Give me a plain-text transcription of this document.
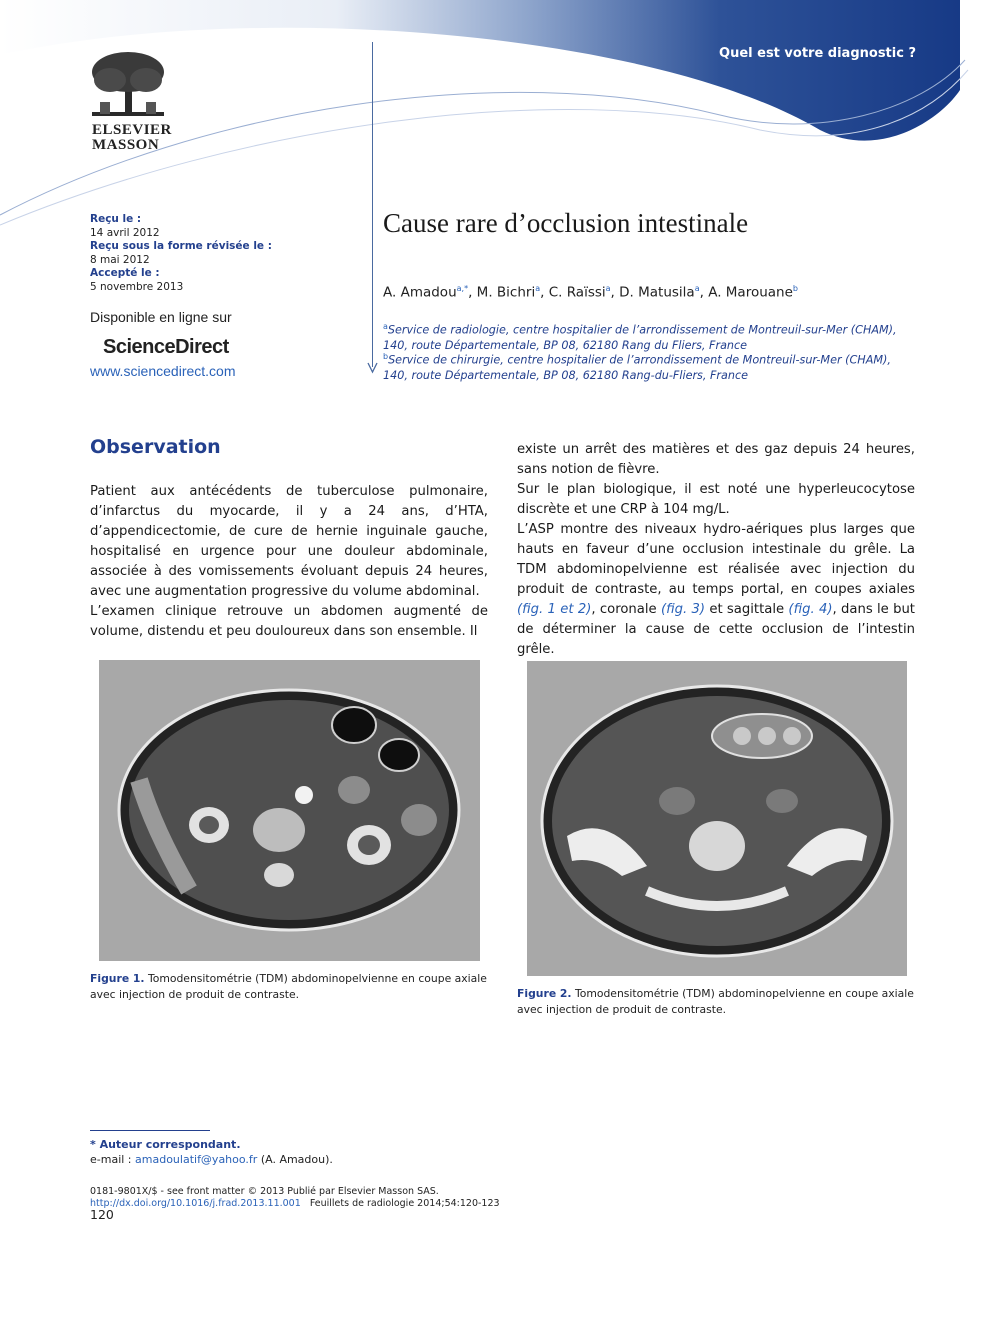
Quel est votre diagnostic ?
ELSEVIER
MASSON
Reçu le :
14 avril 2012
Reçu sous la forme révisée le :
8 mai 2012
Accepté le :
5 novembre 2013
Disponible en ligne sur
ScienceDirect
www.sciencedirect.com
Cause rare d’occlusion intestinale
A. Amadou$^{a,*}$, M. Bichri$^a$, C. Raïssi$^a$, D. Matusila$^a$, A. Marouane$^b$
$^a$Service de radiologie, centre hospitalier de l’arrondissement de Montreuil-sur-Mer (CHAM),
140, route Départementale, BP 08, 62180 Rang du Fliers, France
$^b$Service de chirurgie, centre hospitalier de l’arrondissement de Montreuil-sur-Mer (CHAM),
140, route Départementale, BP 08, 62180 Rang-du-Fliers, France
Observation

Patient aux antécédents de tuberculose pulmonaire, d’infarctus du myocarde, il y a 24 ans, d’HTA, d’appendicectomie, de cure de hernie inguinale gauche, hospitalisé en urgence pour une douleur abdominale, associée à des vomissements évoluant depuis 24 heures, avec une augmentation progressive du volume abdominal.

L’examen clinique retrouve un abdomen augmenté de volume, distendu et peu douloureux dans son ensemble. Il

existe un arrêt des matières et des gaz depuis 24 heures, sans notion de fièvre.

Sur le plan biologique, il est noté une hyperleucocytose discrète et une CRP à 104 mg/L.

L’ASP montre des niveaux hydro-aériques plus larges que hauts en faveur d’une occlusion intestinale du grêle. La TDM abdominopelvienne est réalisée avec injection du produit de contraste, au temps portal, en coupes axiales (fig. 1 et 2), coronale (fig. 3) et sagittale (fig. 4), dans le but de déterminer la cause de cette occlusion de l’intestin grêle.

Figure 1. Tomodensitométrie (TDM) abdominopelvienne en coupe axiale avec injection de produit de contraste.	Figure 2. Tomodensitométrie (TDM) abdominopelvienne en coupe axiale avec injection de produit de contraste.
* Auteur correspondant.
e-mail : amadoulatif@yahoo.fr (A. Amadou).
0181-9801X/$ - see front matter © 2013 Publié par Elsevier Masson SAS.
http://dx.doi.org/10.1016/j.frad.2013.11.001 Feuillets de radiologie 2014;54:120-123
120
